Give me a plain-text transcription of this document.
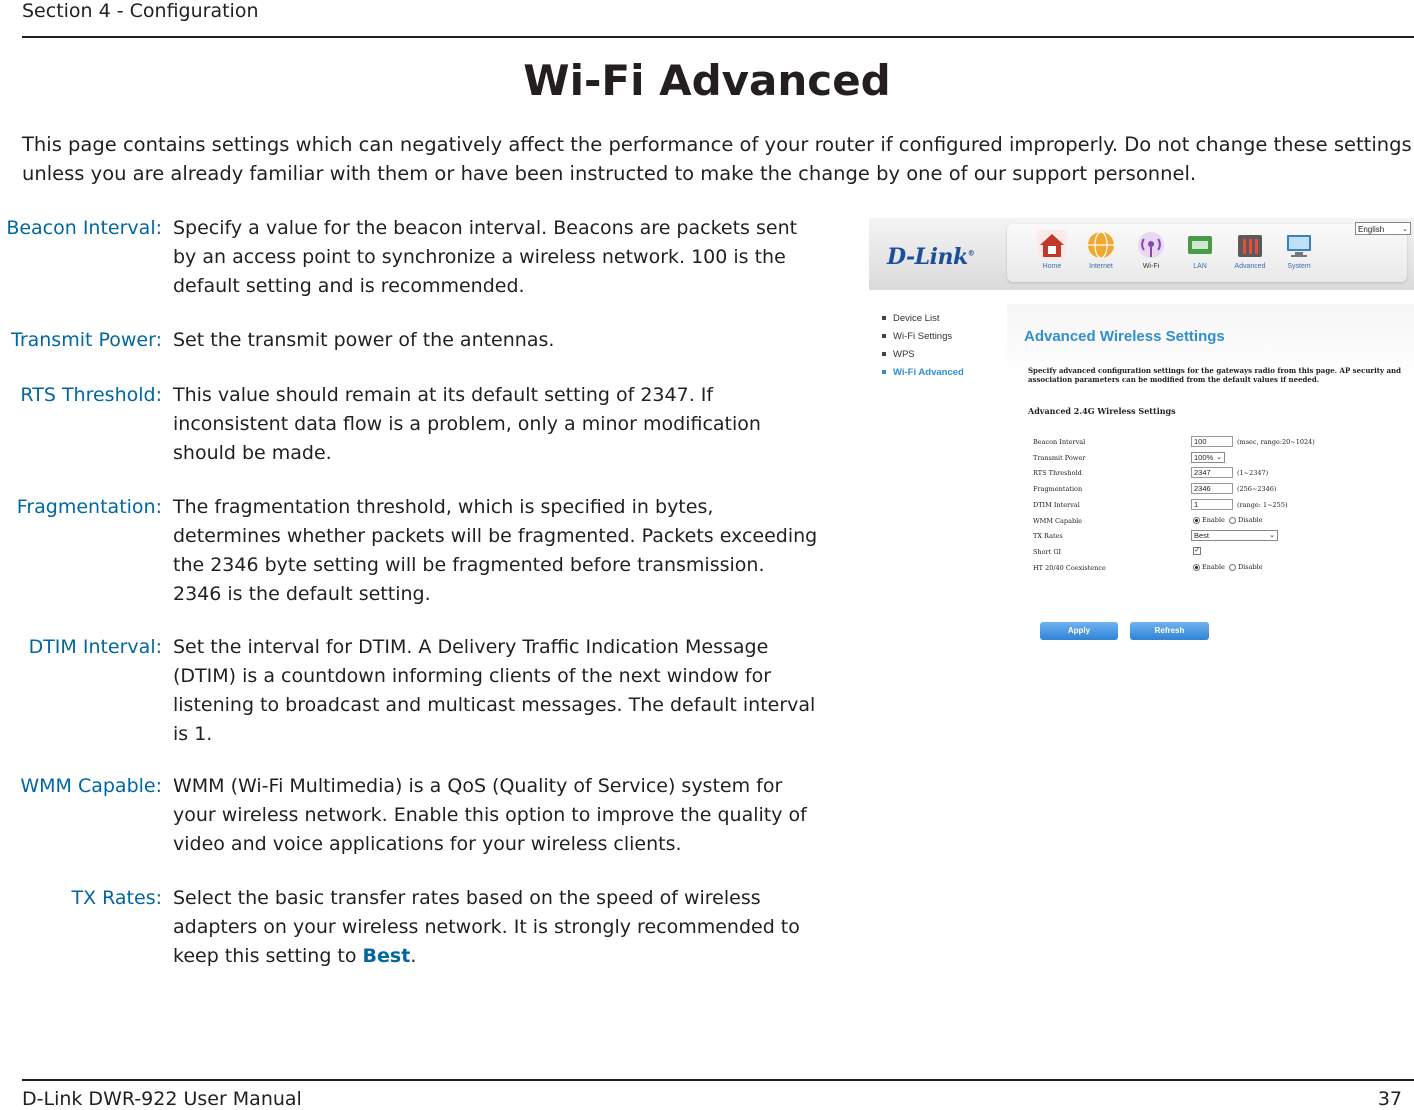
Section 4 - Configuration
Wi-Fi Advanced
This page contains settings which can negatively affect the performance of your router if configured improperly. Do not change these settings unless you are already familiar with them or have been instructed to make the change by one of our support personnel.
Beacon Interval: Specify a value for the beacon interval. Beacons are packets sent by an access point to synchronize a wireless network. 100 is the default setting and is recommended.
Transmit Power: Set the transmit power of the antennas.
RTS Threshold: This value should remain at its default setting of 2347. If inconsistent data flow is a problem, only a minor modification should be made.
Fragmentation: The fragmentation threshold, which is specified in bytes, determines whether packets will be fragmented. Packets exceeding the 2346 byte setting will be fragmented before transmission. 2346 is the default setting.
DTIM Interval: Set the interval for DTIM. A Delivery Traffic Indication Message (DTIM) is a countdown informing clients of the next window for listening to broadcast and multicast messages. The default interval is 1.
WMM Capable: WMM (Wi-Fi Multimedia) is a QoS (Quality of Service) system for your wireless network. Enable this option to improve the quality of video and voice applications for your wireless clients.
TX Rates: Select the basic transfer rates based on the speed of wireless adapters on your wireless network. It is strongly recommended to keep this setting to Best.
D-Link®
Home	Internet	Wi-Fi	LAN	Advanced	System
English	⌄
Device List
Wi-Fi Settings
WPS
Wi-Fi Advanced
Advanced Wireless Settings
Specify advanced configuration settings for the gateways radio from this page. AP security and association parameters can be modified from the default values if needed.
Advanced 2.4G Wireless Settings
Beacon Interval	100	(msec, range:20~1024)
Transmit Power	100% ⌄
RTS Threshold	2347	(1~2347)
Fragmentation	2346	(256~2346)
DTIM Interval	1	(range: 1~255)
WMM Capable	Enable Disable
TX Rates	Best	⌄
Short GI	✓
HT 20/40 Coexistence	Enable Disable
Apply	Refresh
D-Link DWR-922 User Manual	37
